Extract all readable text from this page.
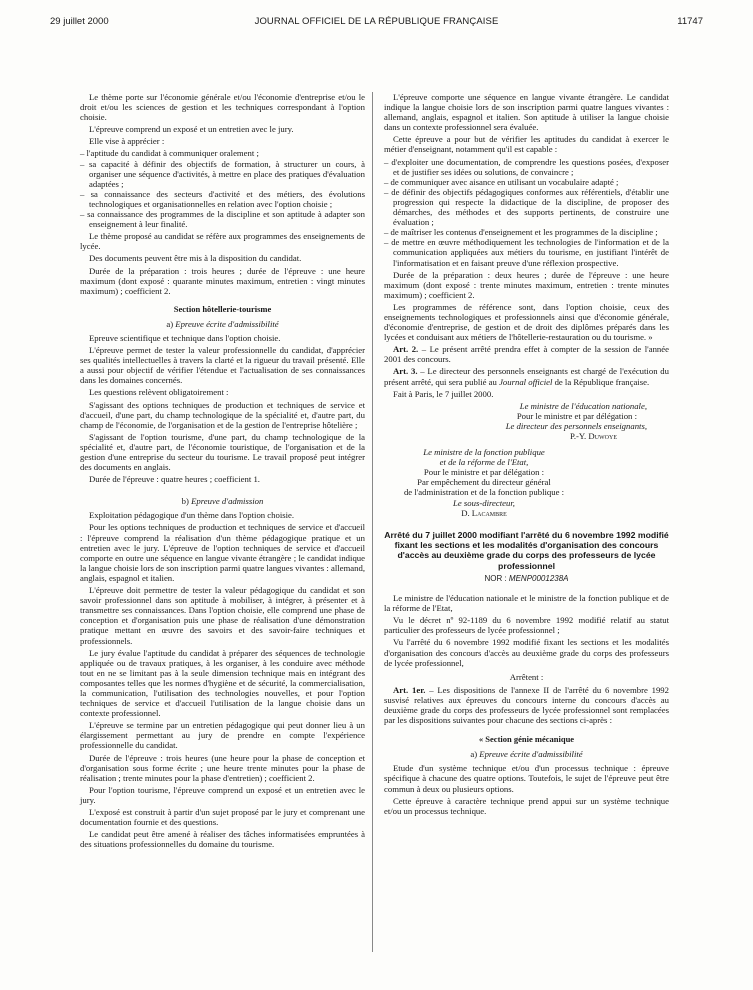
29 juillet 2000	JOURNAL OFFICIEL DE LA RÉPUBLIQUE FRANÇAISE	11747

Le thème porte sur l'économie générale et/ou l'économie d'entreprise et/ou le droit et/ou les sciences de gestion et les techniques correspondant à l'option choisie.

L'épreuve comprend un exposé et un entretien avec le jury.

Elle vise à apprécier :

– l'aptitude du candidat à communiquer oralement ;
– sa capacité à définir des objectifs de formation, à structurer un cours, à organiser une séquence d'activités, à mettre en place des pratiques d'évaluation adaptées ;
– sa connaissance des secteurs d'activité et des métiers, des évolutions technologiques et organisationnelles en relation avec l'option choisie ;
– sa connaissance des programmes de la discipline et son aptitude à adapter son enseignement à leur finalité.

Le thème proposé au candidat se réfère aux programmes des enseignements de lycée.

Des documents peuvent être mis à la disposition du candidat.

Durée de la préparation : trois heures ; durée de l'épreuve : une heure maximum (dont exposé : quarante minutes maximum, entretien : vingt minutes maximum) ; coefficient 2.

Section hôtellerie-tourisme
a) Epreuve écrite d'admissibilité

Epreuve scientifique et technique dans l'option choisie.

L'épreuve permet de tester la valeur professionnelle du candidat, d'apprécier ses qualités intellectuelles à travers la clarté et la rigueur du travail présenté. Elle a aussi pour objectif de vérifier l'étendue et l'actualisation de ses connaissances dans les domaines concernés.

Les questions relèvent obligatoirement :

S'agissant des options techniques de production et techniques de service et d'accueil, d'une part, du champ technologique de la spécialité et, d'autre part, du champ de l'économie, de l'organisation et de la gestion de l'entreprise hôtelière ;

S'agissant de l'option tourisme, d'une part, du champ technologique de la spécialité et, d'autre part, de l'économie touristique, de l'organisation et de la gestion d'une entreprise du secteur du tourisme. Le travail proposé peut intégrer des documents en anglais.

Durée de l'épreuve : quatre heures ; coefficient 1.

b) Epreuve d'admission

Exploitation pédagogique d'un thème dans l'option choisie.

Pour les options techniques de production et techniques de service et d'accueil : l'épreuve comprend la réalisation d'un thème pédagogique pratique et un entretien avec le jury. L'épreuve de l'option techniques de service et d'accueil comporte en outre une séquence en langue vivante étrangère ; le candidat indique la langue choisie lors de son inscription parmi quatre langues vivantes : allemand, anglais, espagnol et italien.

L'épreuve doit permettre de tester la valeur pédagogique du candidat et son savoir professionnel dans son aptitude à mobiliser, à intégrer, à présenter et à transmettre ses connaissances. Dans l'option choisie, elle comprend une phase de conception et d'organisation puis une phase de réalisation d'une démonstration pratique mettant en œuvre des savoirs et des savoir-faire techniques et professionnels.

Le jury évalue l'aptitude du candidat à préparer des séquences de technologie appliquée ou de travaux pratiques, à les organiser, à les conduire avec méthode tout en ne se limitant pas à la seule dimension technique mais en intégrant des composantes telles que les normes d'hygiène et de sécurité, la commercialisation, la communication, l'utilisation des technologies nouvelles, et pour l'option techniques de service et d'accueil l'utilisation de la langue choisie dans un contexte professionnel.

L'épreuve se termine par un entretien pédagogique qui peut donner lieu à un élargissement permettant au jury de prendre en compte l'expérience professionnelle du candidat.

Durée de l'épreuve : trois heures (une heure pour la phase de conception et d'organisation sous forme écrite ; une heure trente minutes pour la phase de réalisation ; trente minutes pour la phase d'entretien) ; coefficient 2.

Pour l'option tourisme, l'épreuve comprend un exposé et un entretien avec le jury.

L'exposé est construit à partir d'un sujet proposé par le jury et comprenant une documentation fournie et des questions.

Le candidat peut être amené à réaliser des tâches informatisées empruntées à des situations professionnelles du domaine du tourisme.

L'épreuve comporte une séquence en langue vivante étrangère. Le candidat indique la langue choisie lors de son inscription parmi quatre langues vivantes : allemand, anglais, espagnol et italien. Son aptitude à utiliser la langue choisie dans un contexte professionnel sera évaluée.

Cette épreuve a pour but de vérifier les aptitudes du candidat à exercer le métier d'enseignant, notamment qu'il est capable :

– d'exploiter une documentation, de comprendre les questions posées, d'exposer et de justifier ses idées ou solutions, de convaincre ;
– de communiquer avec aisance en utilisant un vocabulaire adapté ;
– de définir des objectifs pédagogiques conformes aux référentiels, d'établir une progression qui respecte la didactique de la discipline, de proposer des démarches, des méthodes et des supports pertinents, de construire une évaluation ;
– de maîtriser les contenus d'enseignement et les programmes de la discipline ;
– de mettre en œuvre méthodiquement les technologies de l'information et de la communication appliquées aux métiers du tourisme, en justifiant l'intérêt de l'informatisation et en faisant preuve d'une réflexion prospective.

Durée de la préparation : deux heures ; durée de l'épreuve : une heure maximum (dont exposé : trente minutes maximum, entretien : trente minutes maximum) ; coefficient 2.

Les programmes de référence sont, dans l'option choisie, ceux des enseignements technologiques et professionnels ainsi que d'économie générale, d'économie d'entreprise, de gestion et de droit des diplômes préparés dans les lycées et conduisant aux métiers de l'hôtellerie-restauration ou du tourisme. »

Art. 2. – Le présent arrêté prendra effet à compter de la session de l'année 2001 des concours.

Art. 3. – Le directeur des personnels enseignants est chargé de l'exécution du présent arrêté, qui sera publié au Journal officiel de la République française.

Fait à Paris, le 7 juillet 2000.

Le ministre de l'éducation nationale,
Pour le ministre et par délégation :
Le directeur des personnels enseignants,
P.-Y. Duwoye
Le ministre de la fonction publique
et de la réforme de l'Etat,
Pour le ministre et par délégation :
Par empêchement du directeur général
de l'administration et de la fonction publique :
Le sous-directeur,
D. Lacambre
Arrêté du 7 juillet 2000 modifiant l'arrêté du 6 novembre 1992 modifié fixant les sections et les modalités d'organisation des concours d'accès au deuxième grade du corps des professeurs de lycée professionnel
NOR : MENP0001238A

Le ministre de l'éducation nationale et le ministre de la fonction publique et de la réforme de l'Etat,

Vu le décret nº 92-1189 du 6 novembre 1992 modifié relatif au statut particulier des professeurs de lycée professionnel ;

Vu l'arrêté du 6 novembre 1992 modifié fixant les sections et les modalités d'organisation des concours d'accès au deuxième grade du corps des professeurs de lycée professionnel,

Arrêtent :

Art. 1er. – Les dispositions de l'annexe II de l'arrêté du 6 novembre 1992 susvisé relatives aux épreuves du concours interne du concours d'accès au deuxième grade du corps des professeurs de lycée professionnel sont remplacées par les dispositions suivantes pour chacune des sections ci-après :

« Section génie mécanique
a) Epreuve écrite d'admissibilité

Etude d'un système technique et/ou d'un processus technique : épreuve spécifique à chacune des quatre options. Toutefois, le sujet de l'épreuve peut être commun à deux ou plusieurs options.

Cette épreuve à caractère technique prend appui sur un système technique et/ou un processus technique.
